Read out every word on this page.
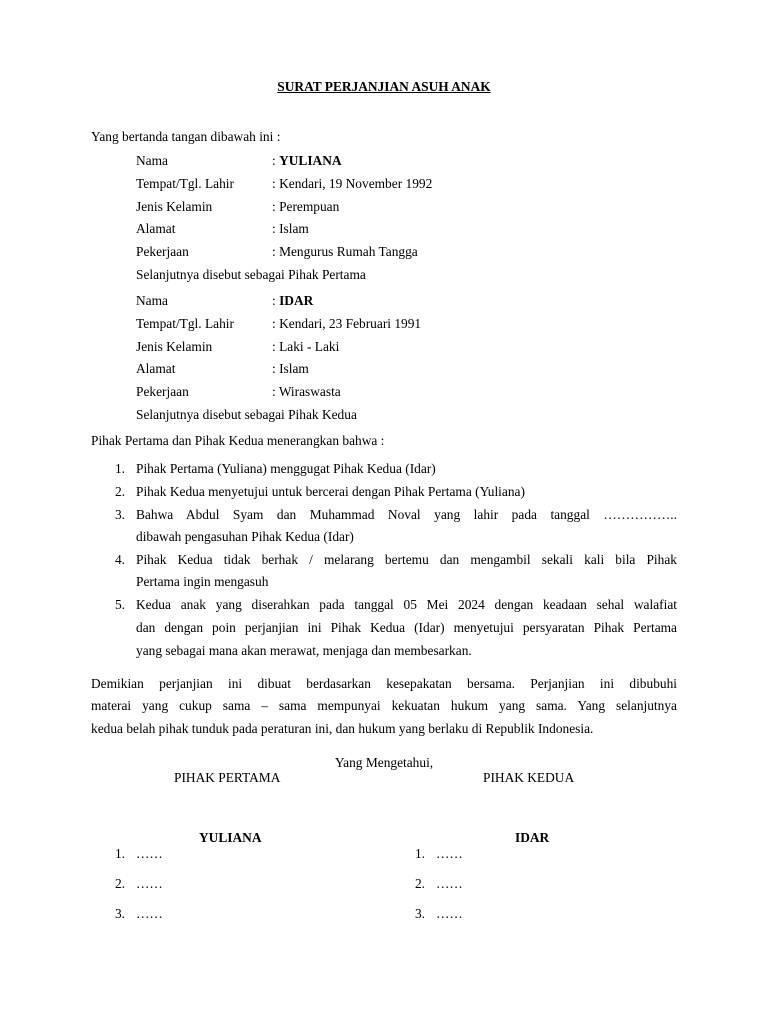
SURAT PERJANJIAN ASUH ANAK
Yang bertanda tangan dibawah ini :
Nama	: YULIANA
Tempat/Tgl. Lahir	: Kendari, 19 November 1992
Jenis Kelamin	: Perempuan
Alamat	: Islam
Pekerjaan	: Mengurus Rumah Tangga
Selanjutnya disebut sebagai Pihak Pertama
Nama	: IDAR
Tempat/Tgl. Lahir	: Kendari, 23 Februari 1991
Jenis Kelamin	: Laki - Laki
Alamat	: Islam
Pekerjaan	: Wiraswasta
Selanjutnya disebut sebagai Pihak Kedua
Pihak Pertama dan Pihak Kedua menerangkan bahwa :
1. Pihak Pertama (Yuliana) menggugat Pihak Kedua (Idar)
2. Pihak Kedua menyetujui untuk bercerai dengan Pihak Pertama (Yuliana)
3. Bahwa Abdul Syam dan Muhammad Noval yang lahir pada tanggal ……………..
dibawah pengasuhan Pihak Kedua (Idar)
4. Pihak Kedua tidak berhak / melarang bertemu dan mengambil sekali kali bila Pihak
Pertama ingin mengasuh
5. Kedua anak yang diserahkan pada tanggal 05 Mei 2024 dengan keadaan sehal walafiat
dan dengan poin perjanjian ini Pihak Kedua (Idar) menyetujui persyaratan Pihak Pertama
yang sebagai mana akan merawat, menjaga dan membesarkan.
Demikian perjanjian ini dibuat berdasarkan kesepakatan bersama. Perjanjian ini dibubuhi
materai yang cukup sama – sama mempunyai kekuatan hukum yang sama. Yang selanjutnya
kedua belah pihak tunduk pada peraturan ini, dan hukum yang berlaku di Republik Indonesia.
Yang Mengetahui,
PIHAK PERTAMA
YULIANA
1. ……
2. ……
3. ……
PIHAK KEDUA
IDAR
1. ……
2. ……
3. ……
